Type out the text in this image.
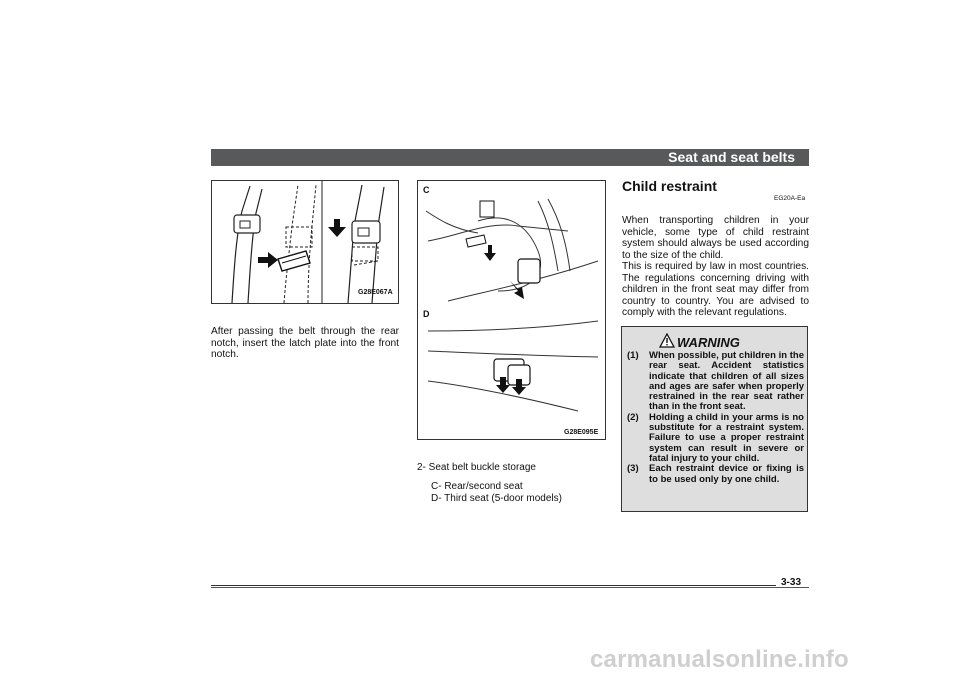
Seat and seat belts
G28E067A
After passing the belt through the rear notch, insert the latch plate into the front notch.
C
D
G28E095E
2- Seat belt buckle storage
C- Rear/second seat
D- Third seat (5-door models)
Child restraint
EG20A-Ea
When transporting children in your vehicle, some type of child restraint system should always be used according to the size of the child.
This is required by law in most countries. The regulations concerning driving with children in the front seat may differ from country to country. You are advised to comply with the relevant regulations.
WARNING
(1) When possible, put children in the rear seat. Accident statistics indicate that children of all sizes and ages are safer when properly restrained in the rear seat rather than in the front seat.
(2) Holding a child in your arms is no substitute for a restraint system. Failure to use a proper restraint system can result in severe or fatal injury to your child.
(3) Each restraint device or fixing is to be used only by one child.
3-33
carmanualsonline.info
